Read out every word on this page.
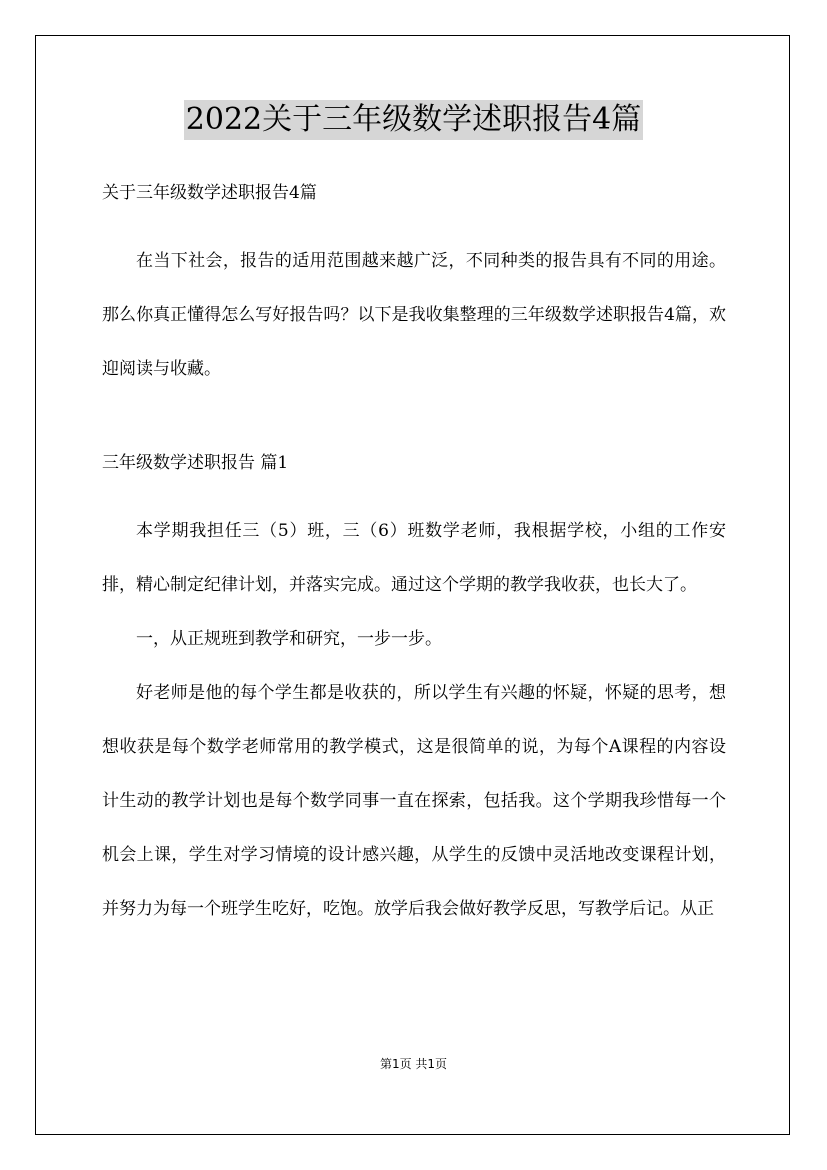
2022关于三年级数学述职报告4篇
关于三年级数学述职报告4篇

在当下社会，报告的适用范围越来越广泛，不同种类的报告具有不同的用途。那么你真正懂得怎么写好报告吗？以下是我收集整理的三年级数学述职报告4篇，欢迎阅读与收藏。

三年级数学述职报告 篇1

本学期我担任三（5）班，三（6）班数学老师，我根据学校，小组的工作安排，精心制定纪律计划，并落实完成。通过这个学期的教学我收获，也长大了。

一，从正规班到教学和研究，一步一步。

好老师是他的每个学生都是收获的，所以学生有兴趣的怀疑，怀疑的思考，想想收获是每个数学老师常用的教学模式，这是很简单的说，为每个A课程的内容设计生动的教学计划也是每个数学同事一直在探索，包括我。这个学期我珍惜每一个机会上课，学生对学习情境的设计感兴趣，从学生的反馈中灵活地改变课程计划，并努力为每一个班学生吃好，吃饱。放学后我会做好教学反思，写教学后记。从正

第1页 共1页
